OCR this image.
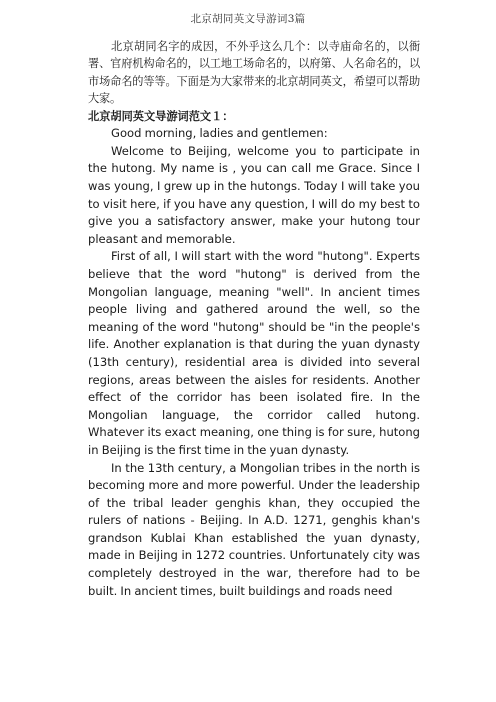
北京胡同英文导游词3篇

北京胡同名字的成因，不外乎这么几个：以寺庙命名的，以衙署、官府机构命名的，以工地工场命名的，以府第、人名命名的，以市场命名的等等。下面是为大家带来的北京胡同英文，希望可以帮助大家。

北京胡同英文导游词范文１：

Good morning, ladies and gentlemen:

Welcome to Beijing, welcome you to participate in the hutong. My name is , you can call me Grace. Since I was young, I grew up in the hutongs. Today I will take you to visit here, if you have any question, I will do my best to give you a satisfactory answer, make your hutong tour pleasant and memorable.

First of all, I will start with the word "hutong". Experts believe that the word "hutong" is derived from the Mongolian language, meaning "well". In ancient times people living and gathered around the well, so the meaning of the word "hutong" should be "in the people's life. Another explanation is that during the yuan dynasty (13th century), residential area is divided into several regions, areas between the aisles for residents. Another effect of the corridor has been isolated fire. In the Mongolian language, the corridor called hutong. Whatever its exact meaning, one thing is for sure, hutong in Beijing is the first time in the yuan dynasty.

In the 13th century, a Mongolian tribes in the north is becoming more and more powerful. Under the leadership of the tribal leader genghis khan, they occupied the rulers of nations - Beijing. In A.D. 1271, genghis khan's grandson Kublai Khan established the yuan dynasty, made in Beijing in 1272 countries. Unfortunately city was completely destroyed in the war, therefore had to be built. In ancient times, built buildings and roads need
